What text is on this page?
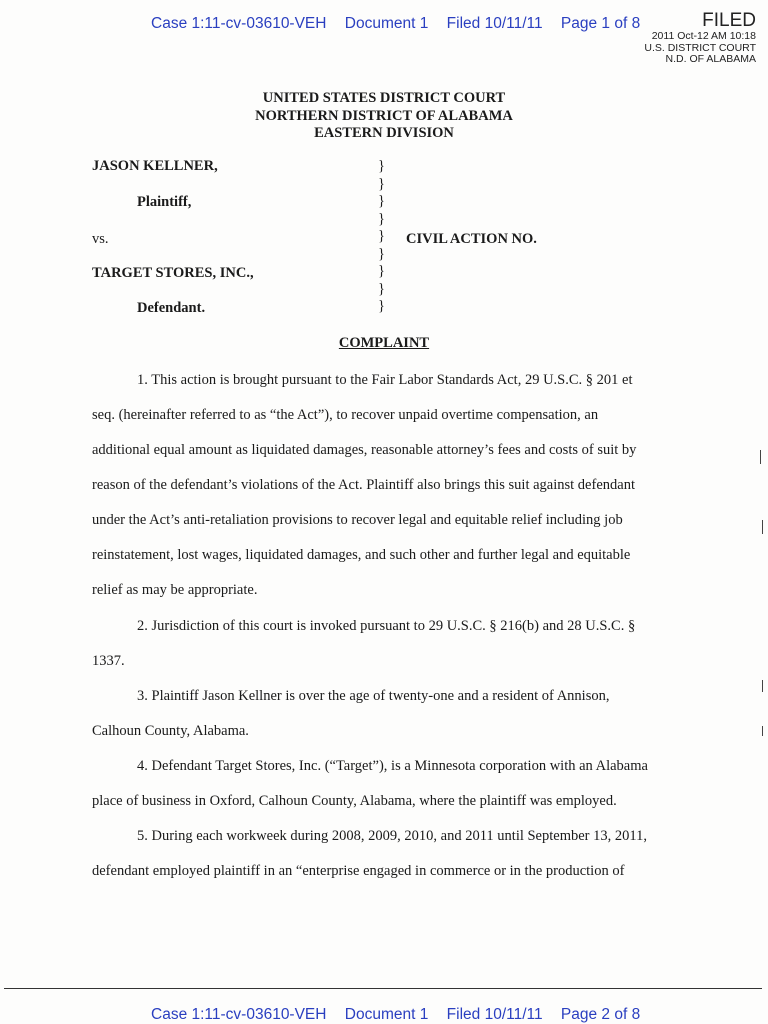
Case 1:11-cv-03610-VEH Document 1 Filed 10/11/11 Page 1 of 8	FILED
2011 Oct-12 AM 10:18
U.S. DISTRICT COURT
N.D. OF ALABAMA
UNITED STATES DISTRICT COURT
NORTHERN DISTRICT OF ALABAMA
EASTERN DIVISION
JASON KELLNER,
Plaintiff,
vs.	CIVIL ACTION NO.
TARGET STORES, INC.,
Defendant.
}
}
}
}
}
}
}
}
}
COMPLAINT
1. This action is brought pursuant to the Fair Labor Standards Act, 29 U.S.C. § 201 et
seq. (hereinafter referred to as “the Act”), to recover unpaid overtime compensation, an
additional equal amount as liquidated damages, reasonable attorney’s fees and costs of suit by
reason of the defendant’s violations of the Act. Plaintiff also brings this suit against defendant
under the Act’s anti-retaliation provisions to recover legal and equitable relief including job
reinstatement, lost wages, liquidated damages, and such other and further legal and equitable
relief as may be appropriate.
2. Jurisdiction of this court is invoked pursuant to 29 U.S.C. § 216(b) and 28 U.S.C. §
1337.
3. Plaintiff Jason Kellner is over the age of twenty-one and a resident of Annison,
Calhoun County, Alabama.
4. Defendant Target Stores, Inc. (“Target”), is a Minnesota corporation with an Alabama
place of business in Oxford, Calhoun County, Alabama, where the plaintiff was employed.
5. During each workweek during 2008, 2009, 2010, and 2011 until September 13, 2011,
defendant employed plaintiff in an “enterprise engaged in commerce or in the production of
Case 1:11-cv-03610-VEH Document 1 Filed 10/11/11 Page 2 of 8
